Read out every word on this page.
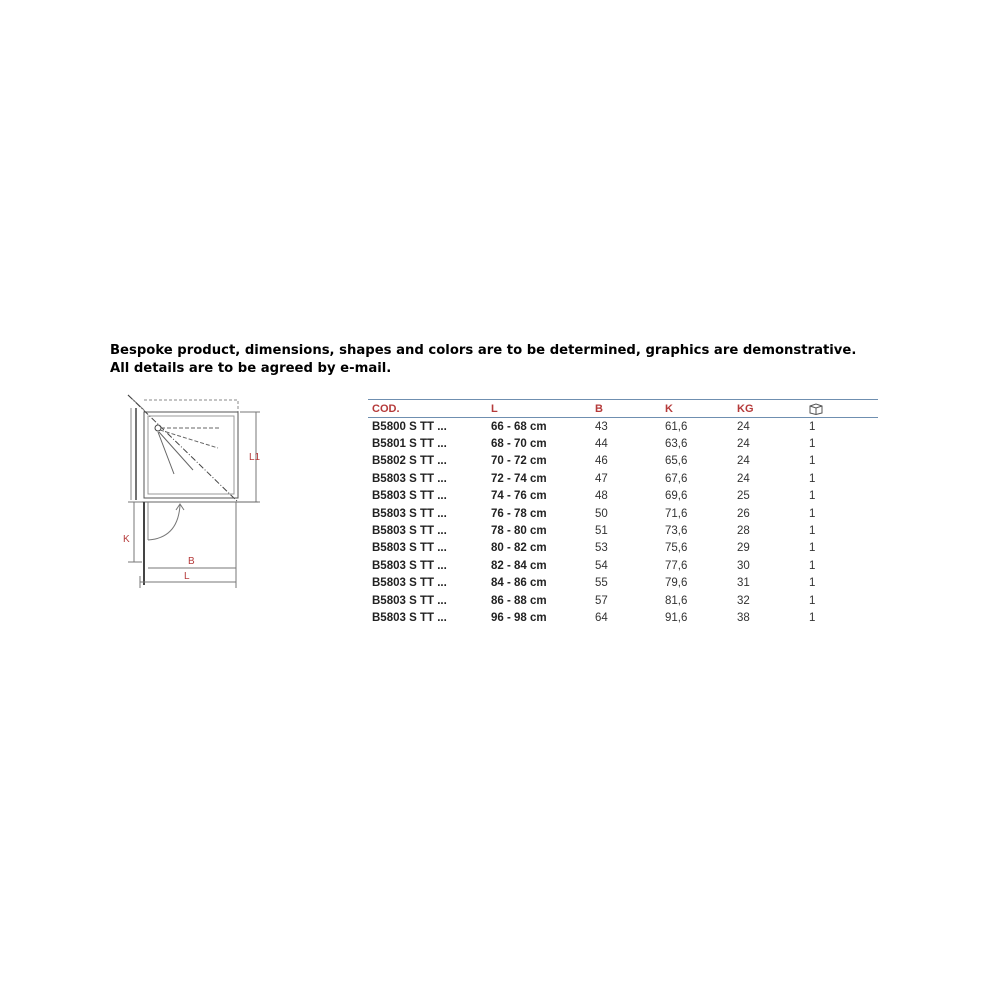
Bespoke product, dimensions, shapes and colors are to be determined, graphics are demonstrative. All details are to be agreed by e-mail.
L1
K
B
L
COD.	L	B	K	KG	
B5800 S TT ...	66 - 68 cm	43	61,6	24	1
B5801 S TT ...	68 - 70 cm	44	63,6	24	1
B5802 S TT ...	70 - 72 cm	46	65,6	24	1
B5803 S TT ...	72 - 74 cm	47	67,6	24	1
B5803 S TT ...	74 - 76 cm	48	69,6	25	1
B5803 S TT ...	76 - 78 cm	50	71,6	26	1
B5803 S TT ...	78 - 80 cm	51	73,6	28	1
B5803 S TT ...	80 - 82 cm	53	75,6	29	1
B5803 S TT ...	82 - 84 cm	54	77,6	30	1
B5803 S TT ...	84 - 86 cm	55	79,6	31	1
B5803 S TT ...	86 - 88 cm	57	81,6	32	1
B5803 S TT ...	96 - 98 cm	64	91,6	38	1
